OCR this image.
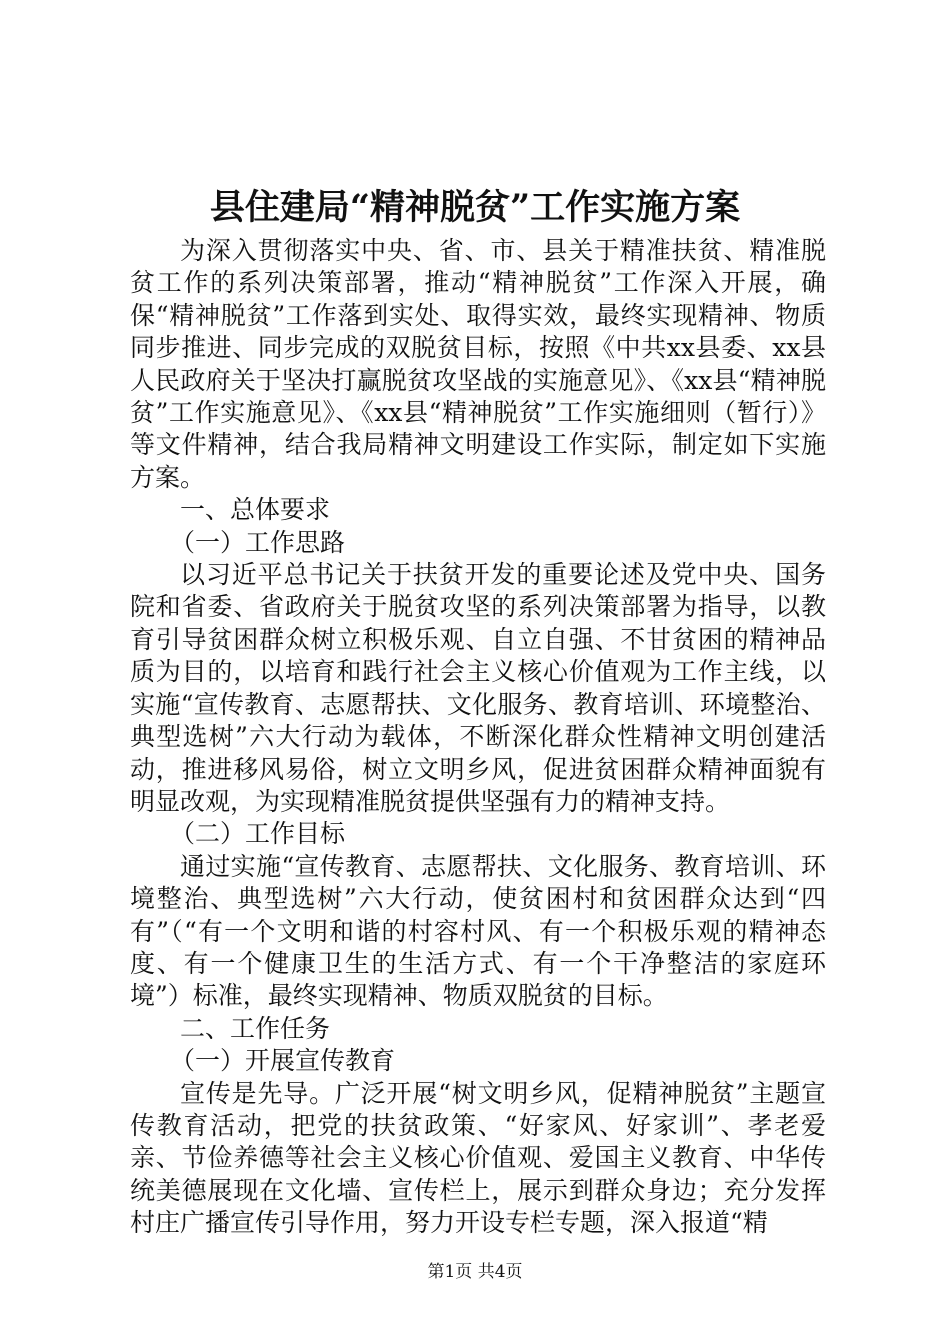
县住建局“精神脱贫”工作实施方案

为深入贯彻落实中央、省、市、县关于精准扶贫、精准脱贫工作的系列决策部署，推动“精神脱贫”工作深入开展，确保“精神脱贫”工作落到实处、取得实效，最终实现精神、物质同步推进、同步完成的双脱贫目标，按照《中共xx县委、xx县人民政府关于坚决打赢脱贫攻坚战的实施意见》、《xx县“精神脱贫”工作实施意见》、《xx县“精神脱贫”工作实施细则（暂行）》等文件精神，结合我局精神文明建设工作实际，制定如下实施方案。

一、总体要求

（一）工作思路

以习近平总书记关于扶贫开发的重要论述及党中央、国务院和省委、省政府关于脱贫攻坚的系列决策部署为指导，以教育引导贫困群众树立积极乐观、自立自强、不甘贫困的精神品质为目的，以培育和践行社会主义核心价值观为工作主线，以实施“宣传教育、志愿帮扶、文化服务、教育培训、环境整治、典型选树”六大行动为载体，不断深化群众性精神文明创建活动，推进移风易俗，树立文明乡风，促进贫困群众精神面貌有明显改观，为实现精准脱贫提供坚强有力的精神支持。

（二）工作目标

通过实施“宣传教育、志愿帮扶、文化服务、教育培训、环境整治、典型选树”六大行动，使贫困村和贫困群众达到“四有”（“有一个文明和谐的村容村风、有一个积极乐观的精神态度、有一个健康卫生的生活方式、有一个干净整洁的家庭环境”）标准，最终实现精神、物质双脱贫的目标。

二、工作任务

（一）开展宣传教育

宣传是先导。广泛开展“树文明乡风，促精神脱贫”主题宣传教育活动，把党的扶贫政策、“好家风、好家训”、孝老爱亲、节俭养德等社会主义核心价值观、爱国主义教育、中华传统美德展现在文化墙、宣传栏上，展示到群众身边；充分发挥村庄广播宣传引导作用，努力开设专栏专题，深入报道“精

第1页 共4页
